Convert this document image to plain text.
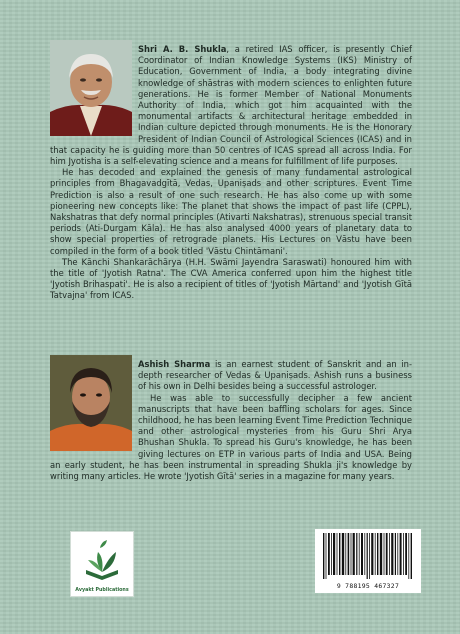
Shri A. B. Shukla, a retired IAS officer, is presently Chief Coordinator of Indian Knowledge Systems (IKS) Ministry of Education, Government of India, a body integrating divine knowledge of shāstras with modern sciences to enlighten future generations. He is former Member of National Monuments Authority of India, which got him acquainted with the monumental artifacts & architectural heritage embedded in Indian culture depicted through monuments. He is the Honorary President of Indian Council of Astrological Sciences (ICAS) and in that capacity he is guiding more than 50 centres of ICAS spread all across India. For him Jyotisha is a self-elevating science and a means for fulfillment of life purposes.

He has decoded and explained the genesis of many fundamental astrological principles from Bhagavadgītā, Vedas, Upaniṣads and other scriptures. Event Time Prediction is also a result of one such research. He has also come up with some pioneering new concepts like: The planet that shows the impact of past life (CPPL), Nakshatras that defy normal principles (Ativarti Nakshatras), strenuous special transit periods (Ati-Durgam Kāla). He has also analysed 4000 years of planetary data to show special properties of retrograde planets. His Lectures on Vāstu have been compiled in the form of a book titled 'Vāstu Chintāmani'.

The Kānchi Shankarāchārya (H.H. Swāmi Jayendra Saraswati) honoured him with the title of 'Jyotish Ratna'. The CVA America conferred upon him the highest title 'Jyotish Brihaspati'. He is also a recipient of titles of 'Jyotish Mārtand' and 'Jyotish Gītā Tatvajna' from ICAS.

Ashish Sharma is an earnest student of Sanskrit and an in-depth researcher of Vedas & Upaniṣads. Ashish runs a business of his own in Delhi besides being a successful astrologer.

He was able to successfully decipher a few ancient manuscripts that have been baffling scholars for ages. Since childhood, he has been learning Event Time Prediction Technique and other astrological mysteries from his Guru Shri Arya Bhushan Shukla. To spread his Guru's knowledge, he has been giving lectures on ETP in various parts of India and USA. Being an early student, he has been instrumental in spreading Shukla ji's knowledge by writing many articles. He wrote 'Jyotish Gītā' series in a magazine for many years.

Avyakt Publications
9 788195 467327
